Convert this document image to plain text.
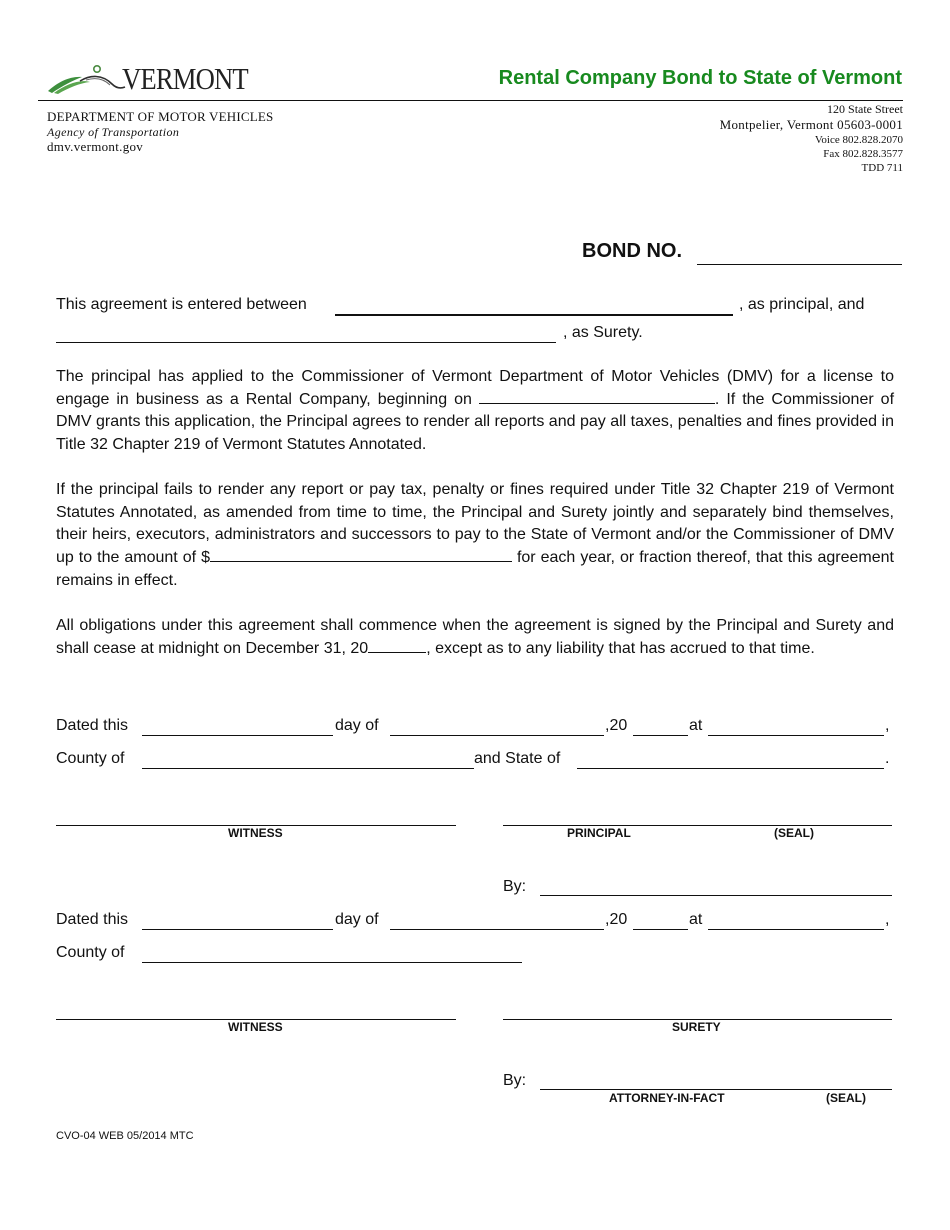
VERMONT	Rental Company Bond to State of Vermont
DEPARTMENT OF MOTOR VEHICLES
Agency of Transportation
dmv.vermont.gov
120 State Street
Montpelier, Vermont 05603-0001
Voice 802.828.2070
Fax 802.828.3577
TDD 711
BOND NO.
This agreement is entered between	, as principal, and
, as Surety.

The principal has applied to the Commissioner of Vermont Department of Motor Vehicles (DMV) for a license to engage in business as a Rental Company, beginning on	. If the Commissioner of DMV grants this application, the Principal agrees to render all reports and pay all taxes, penalties and fines provided in Title 32 Chapter 219 of Vermont Statutes Annotated.

If the principal fails to render any report or pay tax, penalty or fines required under Title 32 Chapter 219 of Vermont Statutes Annotated, as amended from time to time, the Principal and Surety jointly and separately bind themselves, their heirs, executors, administrators and successors to pay to the State of Vermont and/or the Commissioner of DMV up to the amount of $	for each year, or fraction thereof, that this agreement remains in effect.

All obligations under this agreement shall commence when the agreement is signed by the Principal and Surety and shall cease at midnight on December 31, 20	, except as to any liability that has accrued to that time.

Dated this	day of	,20	at	,
County of	and State of	.
WITNESS	PRINCIPAL	(SEAL)
By:
Dated this	day of	,20	at	,
County of
WITNESS	SURETY
By:
ATTORNEY-IN-FACT	(SEAL)
CVO-04 WEB 05/2014 MTC
